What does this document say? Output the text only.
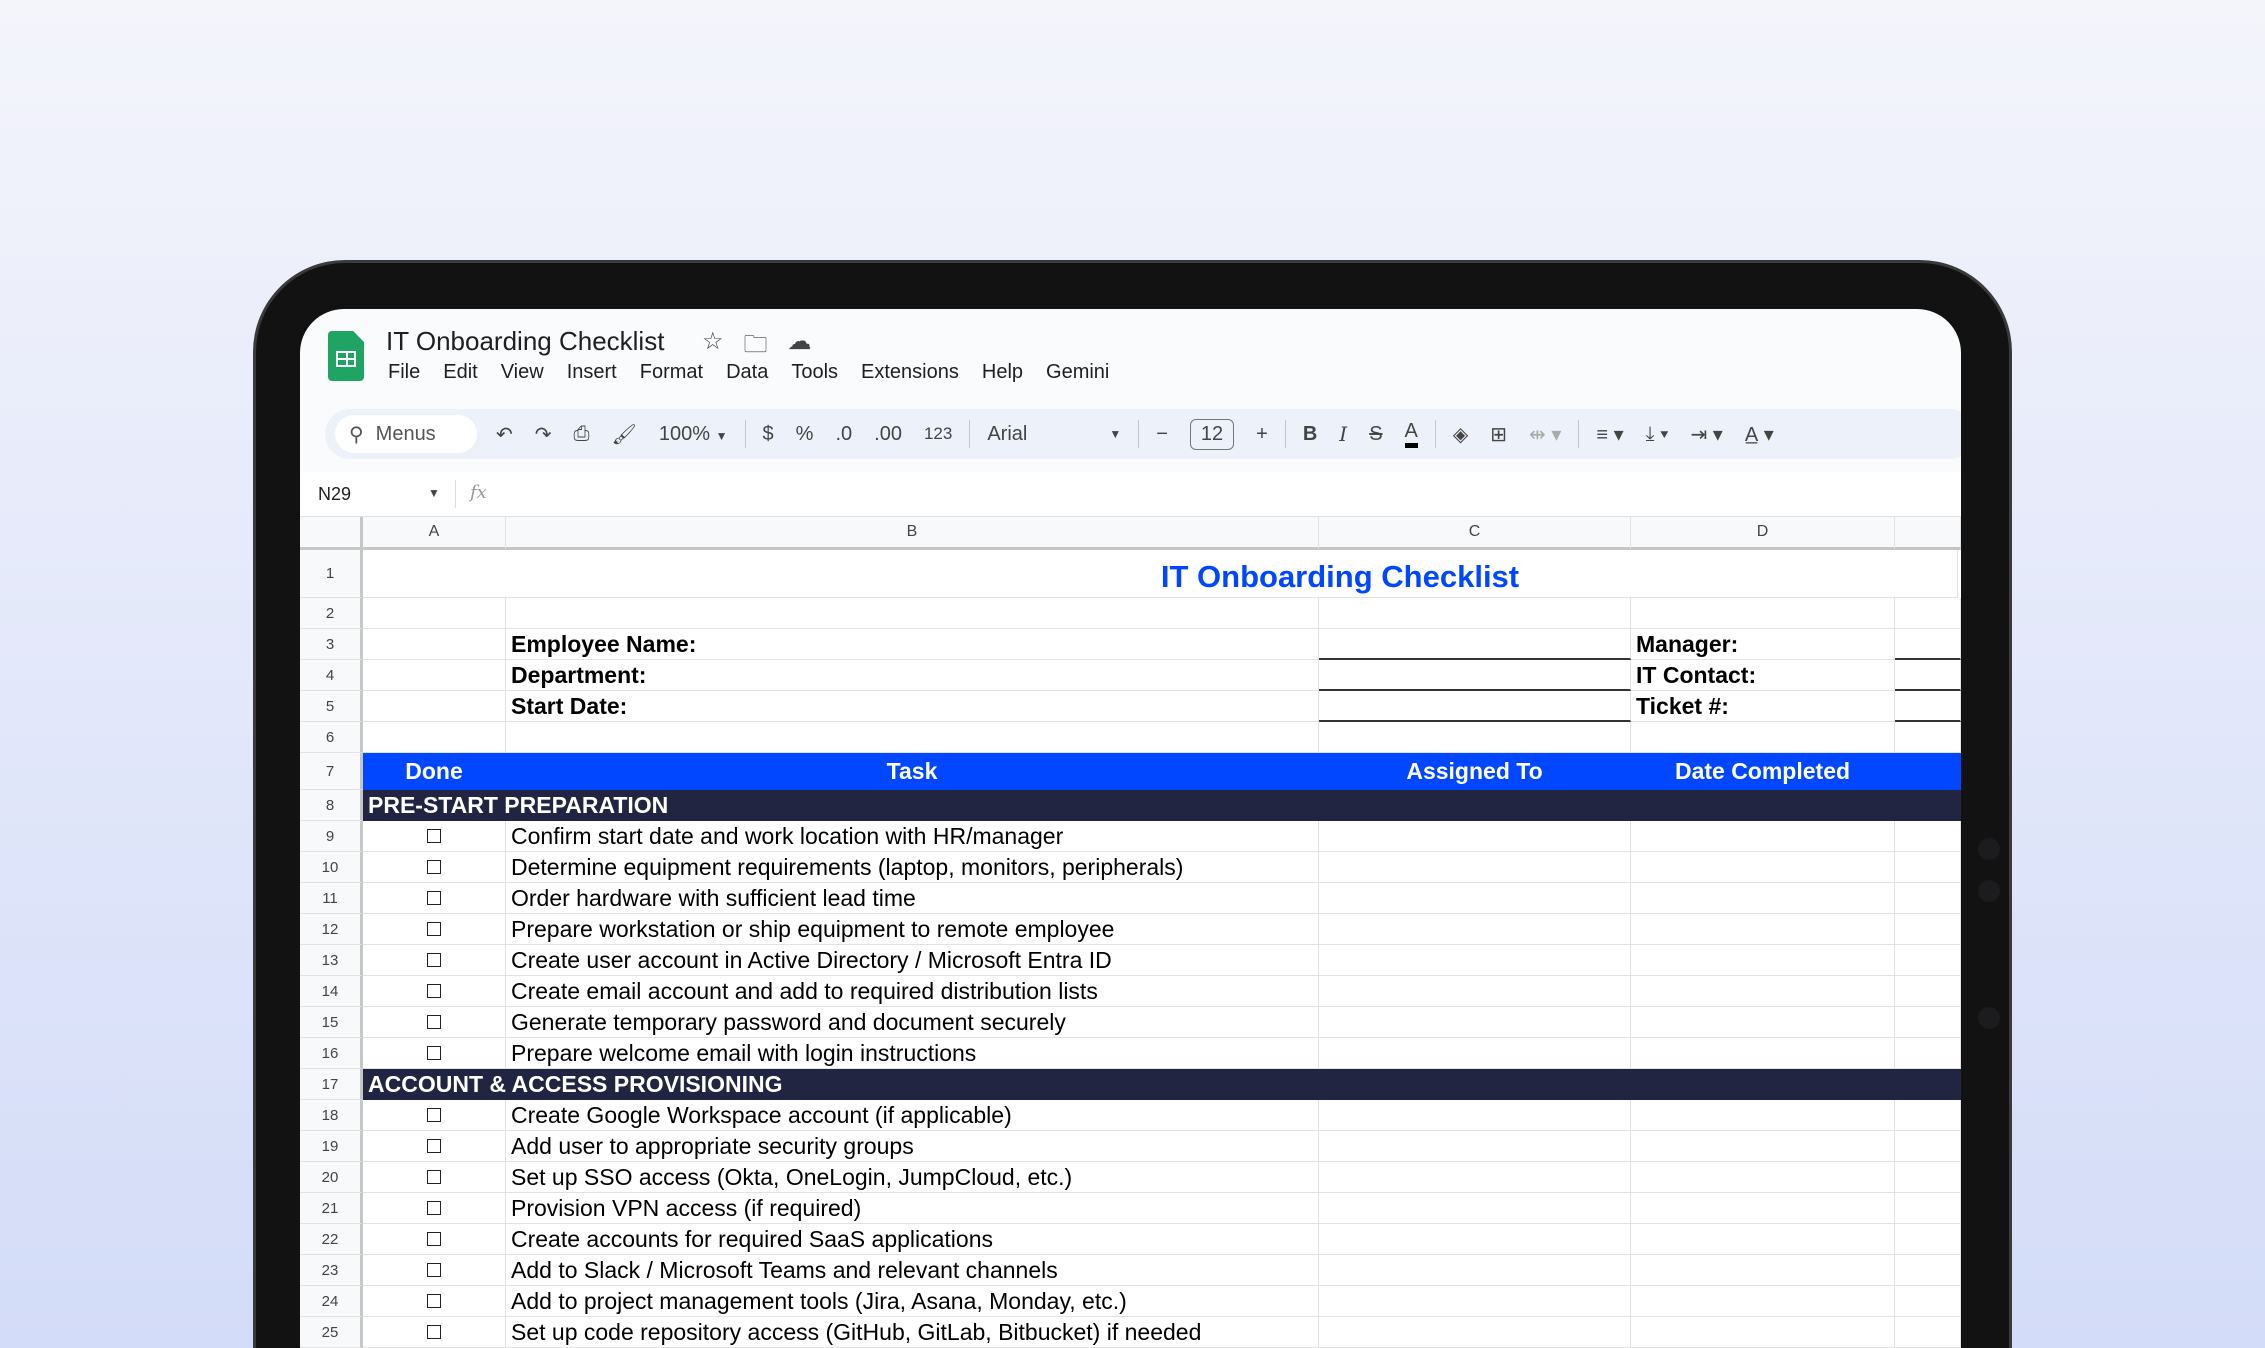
IT Onboarding Checklist ☆ 🗀 ☁
File Edit View Insert Format Data Tools Extensions Help Gemini
⚲ Menus	↶ ↷ ⎙ 🖌 100% ▼ $ % .0 .00 123 Arial	▼ −	12	+ B I S A ◈ ⊞ ⇹ ▾ ≡ ▾ ⤓ ▾ ⇥ ▾ A̲ ▾
N29	▼ fx
A	B	C	D
1	IT Onboarding Checklist
2
3	Employee Name:	Manager:
4	Department:	IT Contact:
5	Start Date:	Ticket #:
6
7	Done	Task	Assigned To	Date Completed
8	PRE-START PREPARATION
9	Confirm start date and work location with HR/manager
10	Determine equipment requirements (laptop, monitors, peripherals)
11	Order hardware with sufficient lead time
12	Prepare workstation or ship equipment to remote employee
13	Create user account in Active Directory / Microsoft Entra ID
14	Create email account and add to required distribution lists
15	Generate temporary password and document securely
16	Prepare welcome email with login instructions
17	ACCOUNT & ACCESS PROVISIONING
18	Create Google Workspace account (if applicable)
19	Add user to appropriate security groups
20	Set up SSO access (Okta, OneLogin, JumpCloud, etc.)
21	Provision VPN access (if required)
22	Create accounts for required SaaS applications
23	Add to Slack / Microsoft Teams and relevant channels
24	Add to project management tools (Jira, Asana, Monday, etc.)
25	Set up code repository access (GitHub, GitLab, Bitbucket) if needed
